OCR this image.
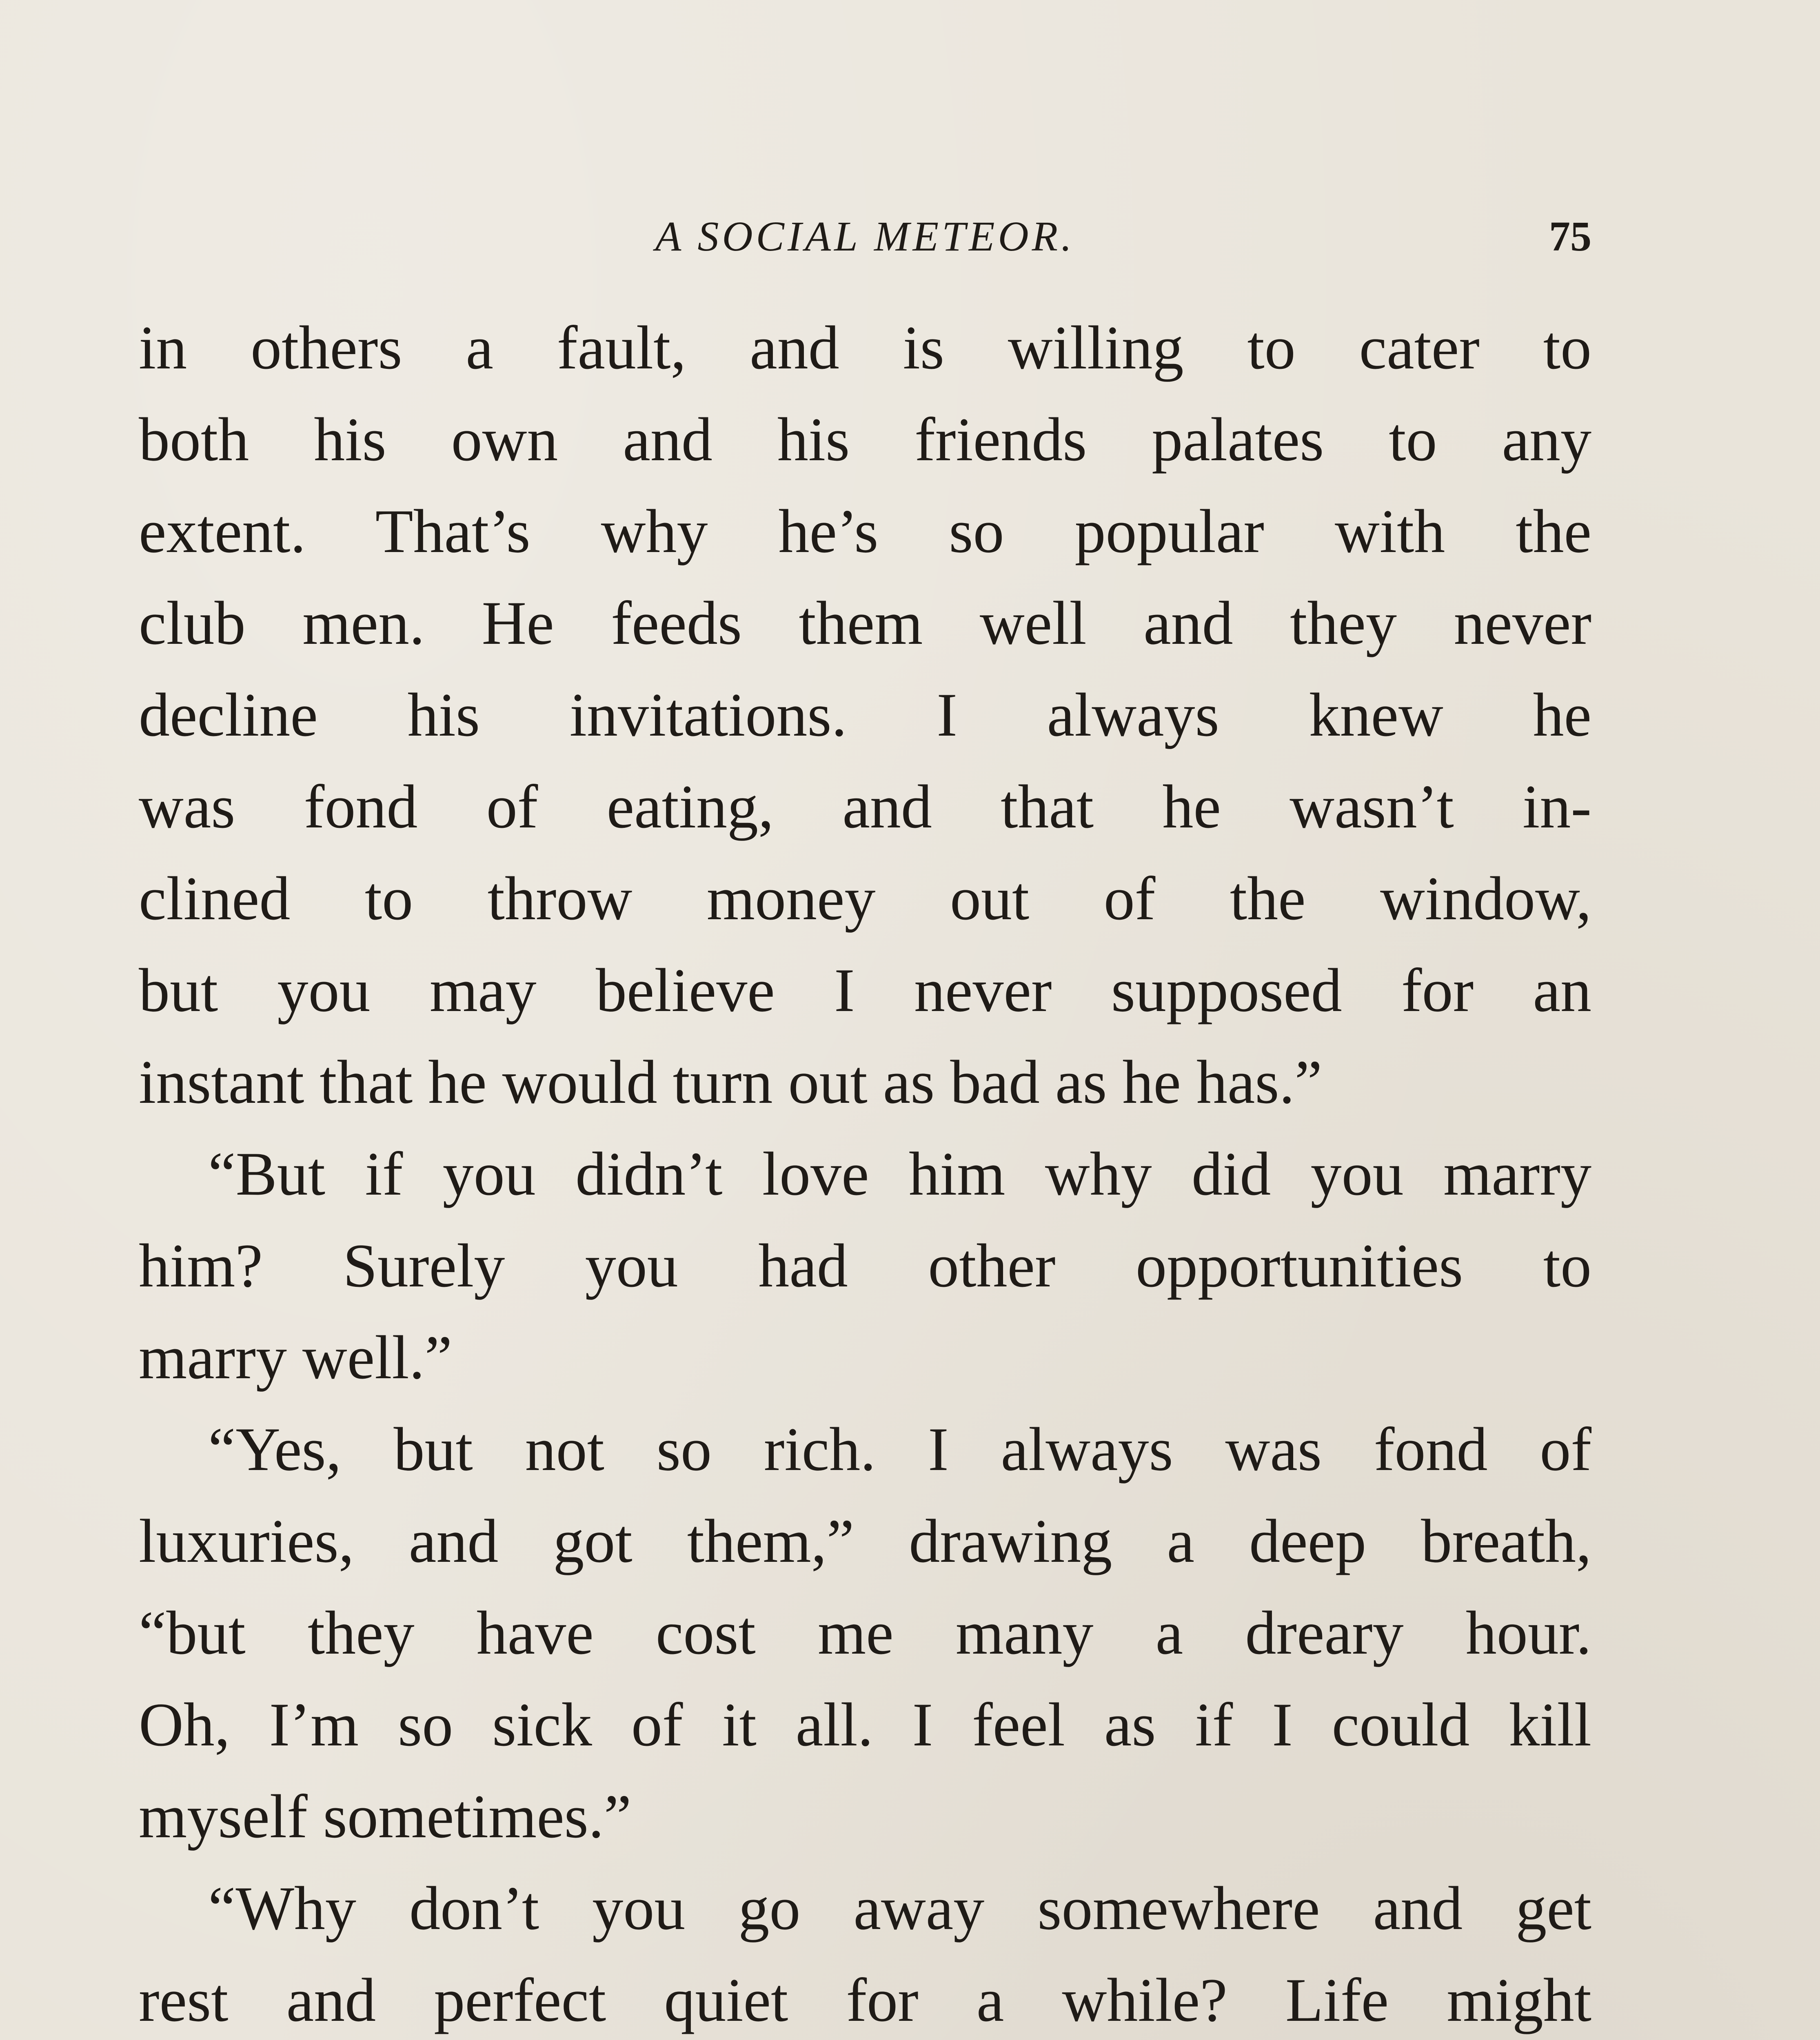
A SOCIAL METEOR.	75
in others a fault, and is willing to cater to
both his own and his friends palates to any
extent. That’s why he’s so popular with the
club men. He feeds them well and they never
decline his invitations. I always knew he
was fond of eating, and that he wasn’t in-
clined to throw money out of the window,
but you may believe I never supposed for an
instant that he would turn out as bad as he has.”
“But if you didn’t love him why did you marry
him? Surely you had other opportunities to
marry well.”
“Yes, but not so rich. I always was fond of
luxuries, and got them,” drawing a deep breath,
“but they have cost me many a dreary hour.
Oh, I’m so sick of it all. I feel as if I could kill
myself sometimes.”
“Why don’t you go away somewhere and get
rest and perfect quiet for a while? Life might
